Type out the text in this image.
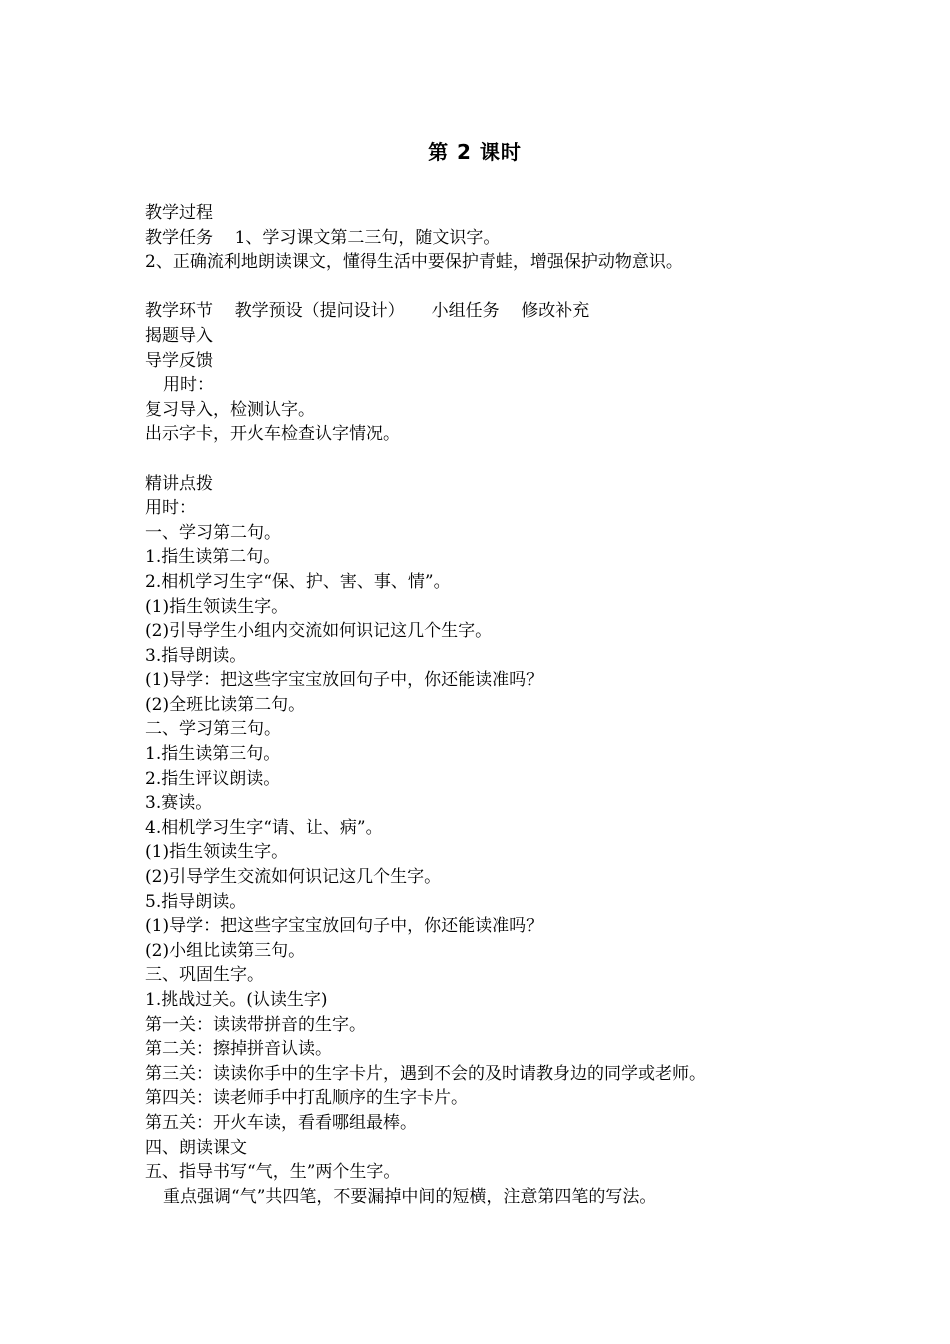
第 2 课时
教学过程
教学任务    1、学习课文第二三句，随文识字。
2、正确流利地朗读课文，懂得生活中要保护青蛙，增强保护动物意识。
教学环节    教学预设（提问设计）     小组任务    修改补充
揭题导入
导学反馈
用时：
复习导入，检测认字。
出示字卡，开火车检查认字情况。
精讲点拨
用时：
一、学习第二句。
1.指生读第二句。
2.相机学习生字“保、护、害、事、情”。
(1)指生领读生字。
(2)引导学生小组内交流如何识记这几个生字。
3.指导朗读。
(1)导学：把这些字宝宝放回句子中，你还能读准吗？
(2)全班比读第二句。
二、学习第三句。
1.指生读第三句。
2.指生评议朗读。
3.赛读。
4.相机学习生字“请、让、病”。
(1)指生领读生字。
(2)引导学生交流如何识记这几个生字。
5.指导朗读。
(1)导学：把这些字宝宝放回句子中，你还能读准吗？
(2)小组比读第三句。
三、巩固生字。
1.挑战过关。(认读生字)
第一关：读读带拼音的生字。
第二关：擦掉拼音认读。
第三关：读读你手中的生字卡片，遇到不会的及时请教身边的同学或老师。
第四关：读老师手中打乱顺序的生字卡片。
第五关：开火车读，看看哪组最棒。
四、朗读课文
五、指导书写“气，生”两个生字。
重点强调“气”共四笔，不要漏掉中间的短横，注意第四笔的写法。
